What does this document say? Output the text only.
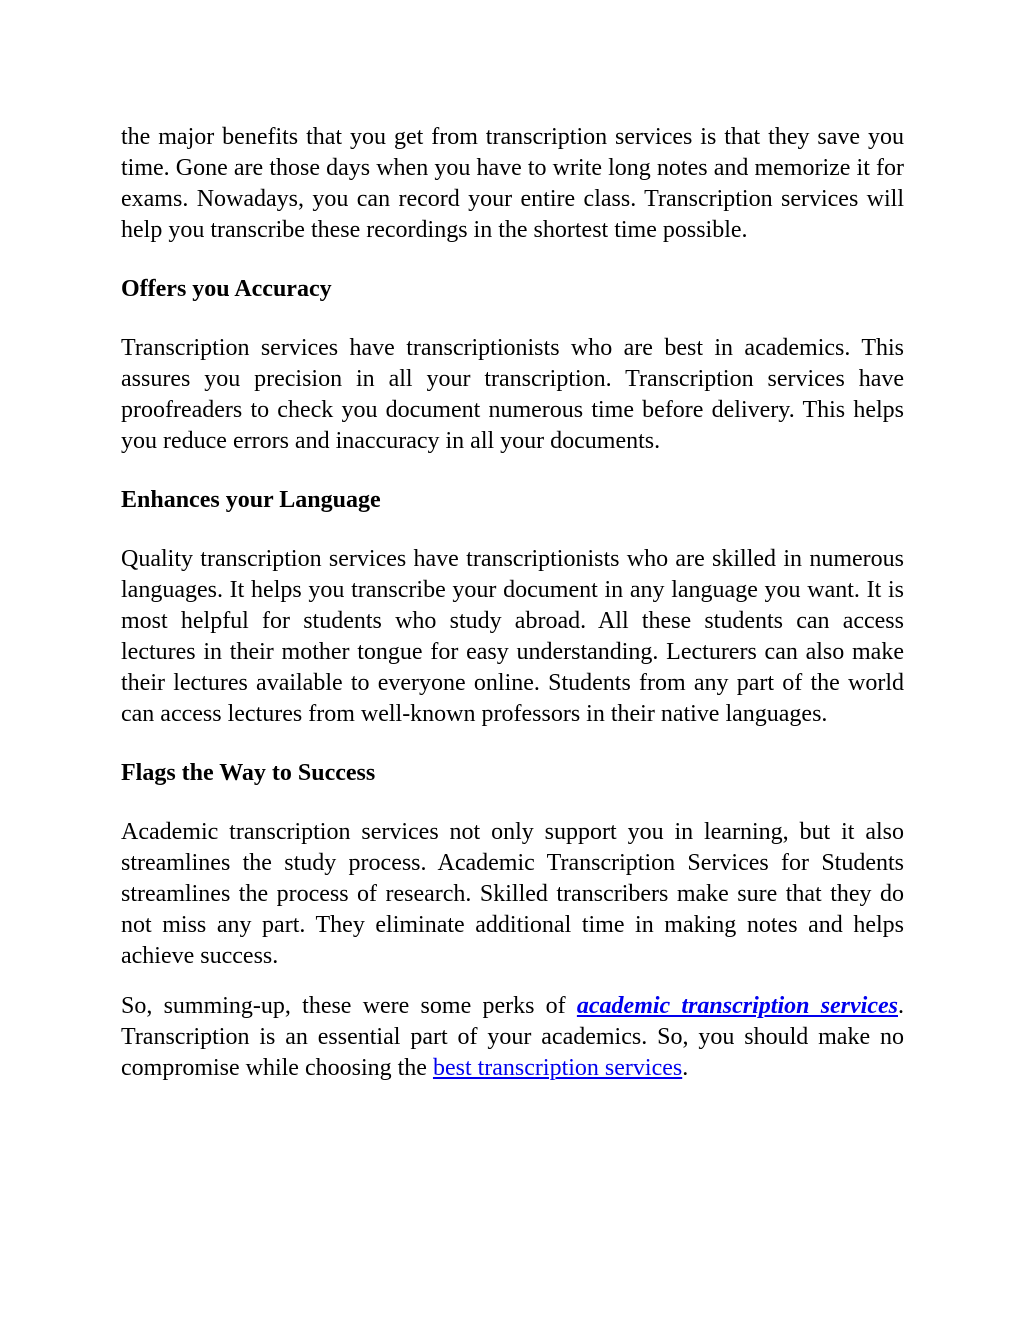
the major benefits that you get from transcription services is that they save you time. Gone are those days when you have to write long notes and memorize it for exams. Nowadays, you can record your entire class. Transcription services will help you transcribe these recordings in the shortest time possible.

Offers you Accuracy

Transcription services have transcriptionists who are best in academics. This assures you precision in all your transcription. Transcription services have proofreaders to check you document numerous time before delivery. This helps you reduce errors and inaccuracy in all your documents.

Enhances your Language

Quality transcription services have transcriptionists who are skilled in numerous languages. It helps you transcribe your document in any language you want. It is most helpful for students who study abroad. All these students can access lectures in their mother tongue for easy understanding. Lecturers can also make their lectures available to everyone online. Students from any part of the world can access lectures from well-known professors in their native languages.

Flags the Way to Success

Academic transcription services not only support you in learning, but it also streamlines the study process. Academic Transcription Services for Students streamlines the process of research. Skilled transcribers make sure that they do not miss any part. They eliminate additional time in making notes and helps achieve success.

So, summing-up, these were some perks of academic transcription services. Transcription is an essential part of your academics. So, you should make no compromise while choosing the best transcription services.
